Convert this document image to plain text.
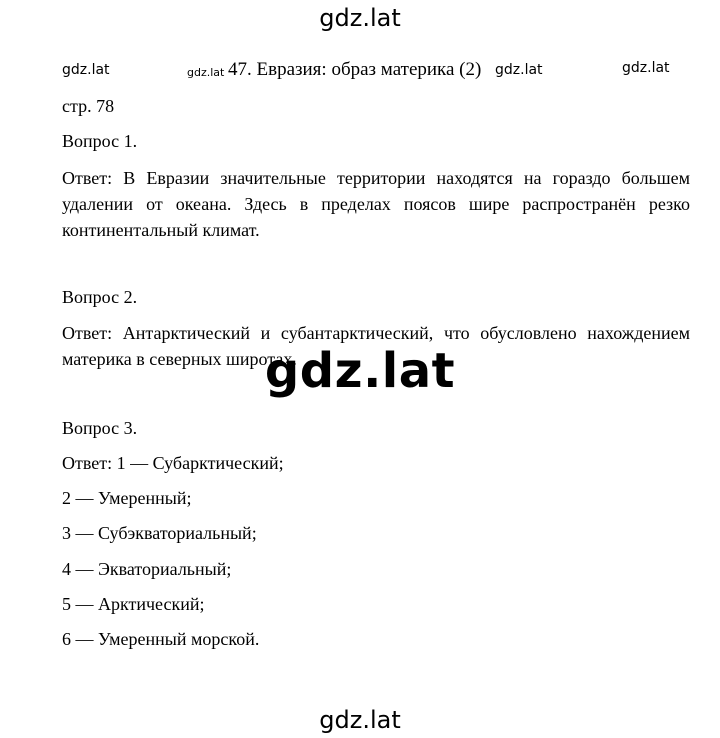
gdz.lat
gdz.lat	gdz.lat 47. Евразия: образ материка (2) gdz.lat	gdz.lat
стр. 78
Вопрос 1.
Ответ: В Евразии значительные территории находятся на гораздо большем удалении от океана. Здесь в пределах поясов шире распространён резко континентальный климат.
Вопрос 2.
Ответ: Антарктический и субантарктический, что обусловлено нахождением материка в северных широтах.
gdz.lat
Вопрос 3.
Ответ: 1 — Субарктический;
2 — Умеренный;
3 — Субэкваториальный;
4 — Экваториальный;
5 — Арктический;
6 — Умеренный морской.
gdz.lat
